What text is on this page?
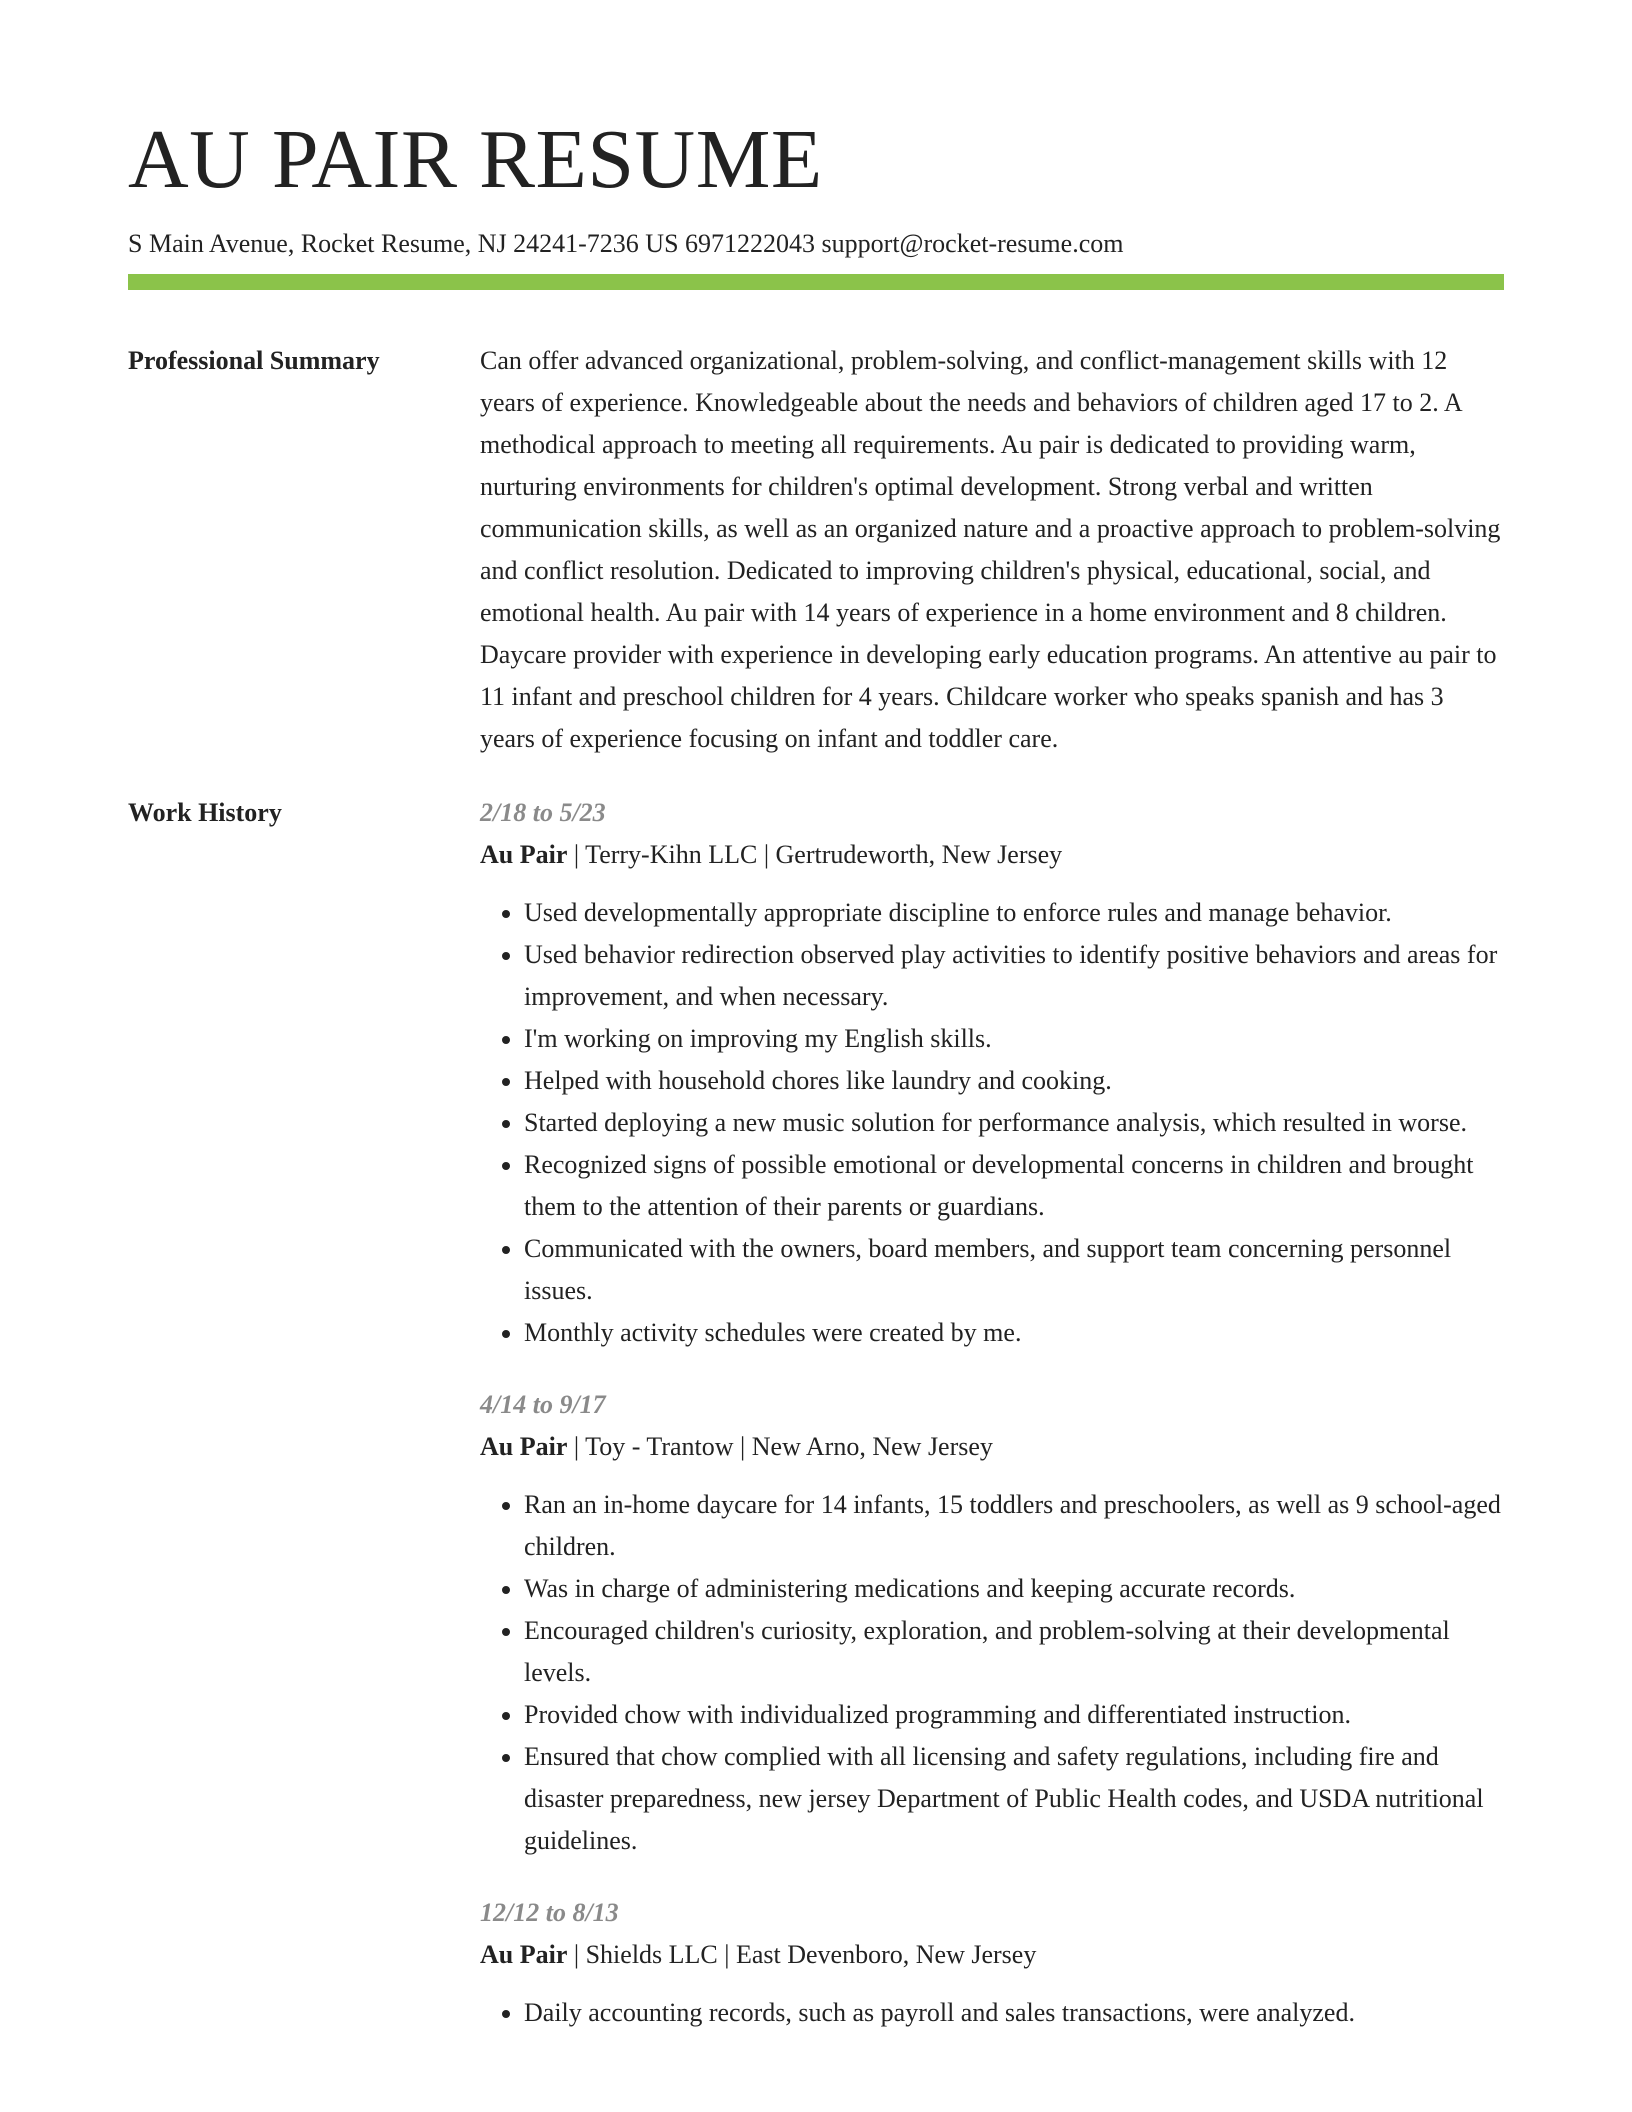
AU PAIR RESUME
S Main Avenue, Rocket Resume, NJ 24241-7236 US 6971222043 support@rocket-resume.com
Professional Summary	Can offer advanced organizational, problem-solving, and conflict-management skills with 12 years of experience. Knowledgeable about the needs and behaviors of children aged 17 to 2. A methodical approach to meeting all requirements. Au pair is dedicated to providing warm, nurturing environments for children's optimal development. Strong verbal and written communication skills, as well as an organized nature and a proactive approach to problem-solving and conflict resolution. Dedicated to improving children's physical, educational, social, and emotional health. Au pair with 14 years of experience in a home environment and 8 children. Daycare provider with experience in developing early education programs. An attentive au pair to 11 infant and preschool children for 4 years. Childcare worker who speaks spanish and has 3 years of experience focusing on infant and toddler care.
Work History	2/18 to 5/23
Au Pair | Terry-Kihn LLC | Gertrudeworth, New Jersey
• Used developmentally appropriate discipline to enforce rules and manage behavior.
• Used behavior redirection observed play activities to identify positive behaviors and areas for improvement, and when necessary.
• I'm working on improving my English skills.
• Helped with household chores like laundry and cooking.
• Started deploying a new music solution for performance analysis, which resulted in worse.
• Recognized signs of possible emotional or developmental concerns in children and brought them to the attention of their parents or guardians.
• Communicated with the owners, board members, and support team concerning personnel issues.
• Monthly activity schedules were created by me.
4/14 to 9/17
Au Pair | Toy - Trantow | New Arno, New Jersey
• Ran an in-home daycare for 14 infants, 15 toddlers and preschoolers, as well as 9 school-aged children.
• Was in charge of administering medications and keeping accurate records.
• Encouraged children's curiosity, exploration, and problem-solving at their developmental levels.
• Provided chow with individualized programming and differentiated instruction.
• Ensured that chow complied with all licensing and safety regulations, including fire and disaster preparedness, new jersey Department of Public Health codes, and USDA nutritional guidelines.
12/12 to 8/13
Au Pair | Shields LLC | East Devenboro, New Jersey
• Daily accounting records, such as payroll and sales transactions, were analyzed.
